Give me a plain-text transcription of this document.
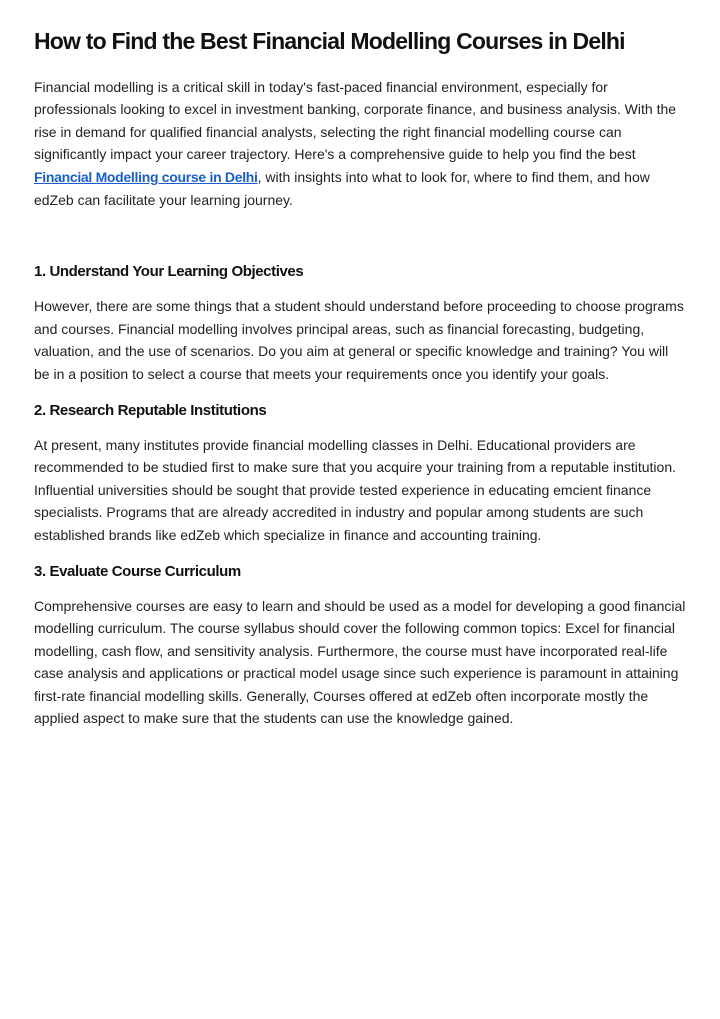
How to Find the Best Financial Modelling Courses in Delhi

Financial modelling is a critical skill in today's fast-paced financial environment, especially for professionals looking to excel in investment banking, corporate finance, and business analysis. With the rise in demand for qualified financial analysts, selecting the right financial modelling course can significantly impact your career trajectory. Here's a comprehensive guide to help you find the best Financial Modelling course in Delhi, with insights into what to look for, where to find them, and how edZeb can facilitate your learning journey.

1. Understand Your Learning Objectives

However, there are some things that a student should understand before proceeding to choose programs and courses. Financial modelling involves principal areas, such as financial forecasting, budgeting, valuation, and the use of scenarios. Do you aim at general or specific knowledge and training? You will be in a position to select a course that meets your requirements once you identify your goals.

2. Research Reputable Institutions

At present, many institutes provide financial modelling classes in Delhi. Educational providers are recommended to be studied first to make sure that you acquire your training from a reputable institution. Influential universities should be sought that provide tested experience in educating emcient finance specialists. Programs that are already accredited in industry and popular among students are such established brands like edZeb which specialize in finance and accounting training.

3. Evaluate Course Curriculum

Comprehensive courses are easy to learn and should be used as a model for developing a good financial modelling curriculum. The course syllabus should cover the following common topics: Excel for financial modelling, cash flow, and sensitivity analysis. Furthermore, the course must have incorporated real-life case analysis and applications or practical model usage since such experience is paramount in attaining first-rate financial modelling skills. Generally, Courses offered at edZeb often incorporate mostly the applied aspect to make sure that the students can use the knowledge gained.
